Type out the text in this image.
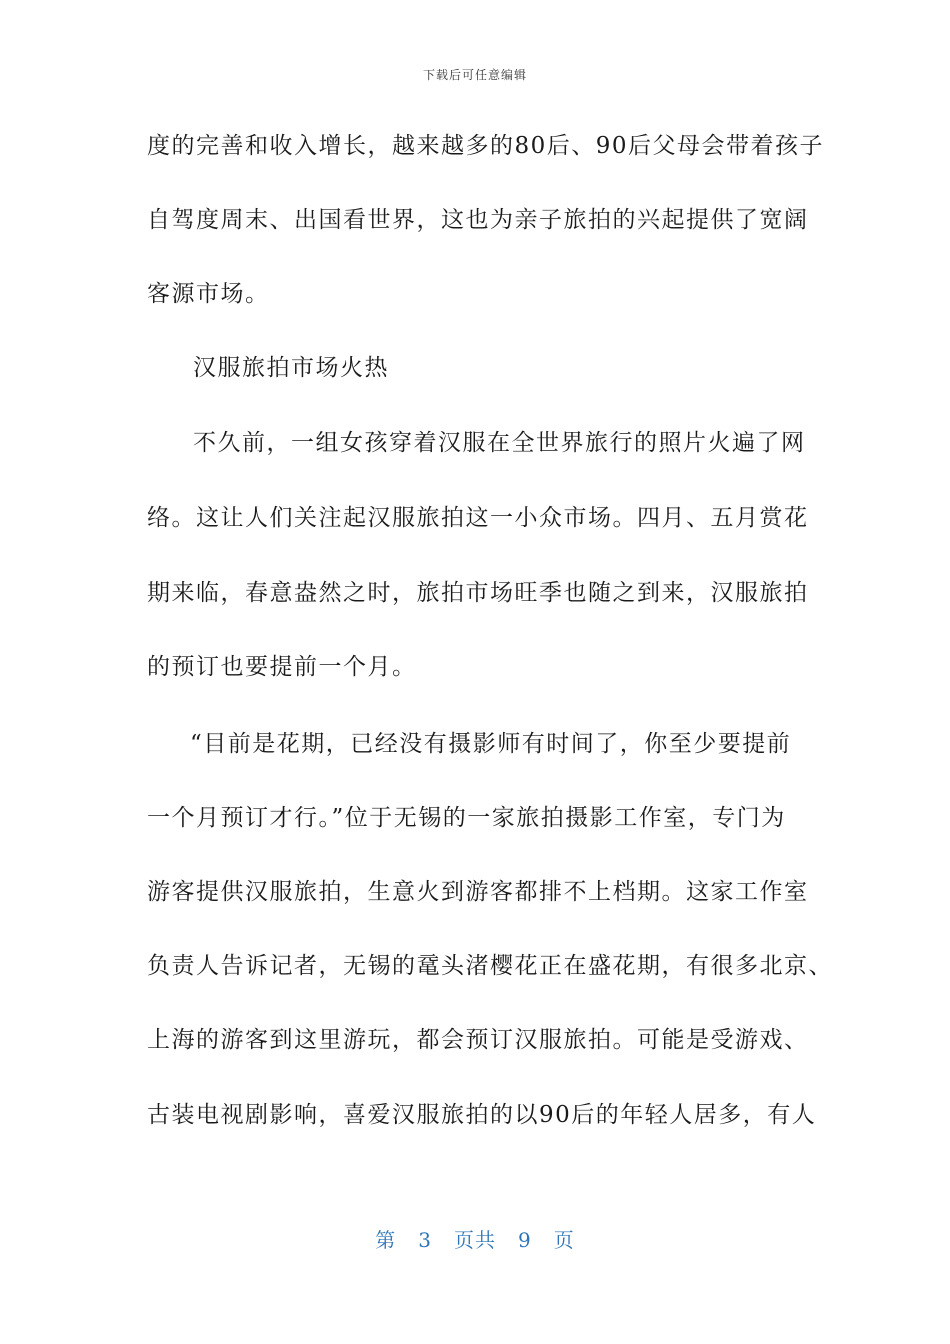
下载后可任意编辑
度的完善和收入增长，越来越多的80后、90后父母会带着孩子
自驾度周末、出国看世界，这也为亲子旅拍的兴起提供了宽阔
客源市场。
汉服旅拍市场火热
不久前，一组女孩穿着汉服在全世界旅行的照片火遍了网
络。这让人们关注起汉服旅拍这一小众市场。四月、五月赏花
期来临，春意盎然之时，旅拍市场旺季也随之到来，汉服旅拍
的预订也要提前一个月。
“目前是花期，已经没有摄影师有时间了，你至少要提前
一个月预订才行。”位于无锡的一家旅拍摄影工作室，专门为
游客提供汉服旅拍，生意火到游客都排不上档期。这家工作室
负责人告诉记者，无锡的鼋头渚樱花正在盛花期，有很多北京、
上海的游客到这里游玩，都会预订汉服旅拍。可能是受游戏、
古装电视剧影响，喜爱汉服旅拍的以90后的年轻人居多，有人
第 3 页共 9 页
